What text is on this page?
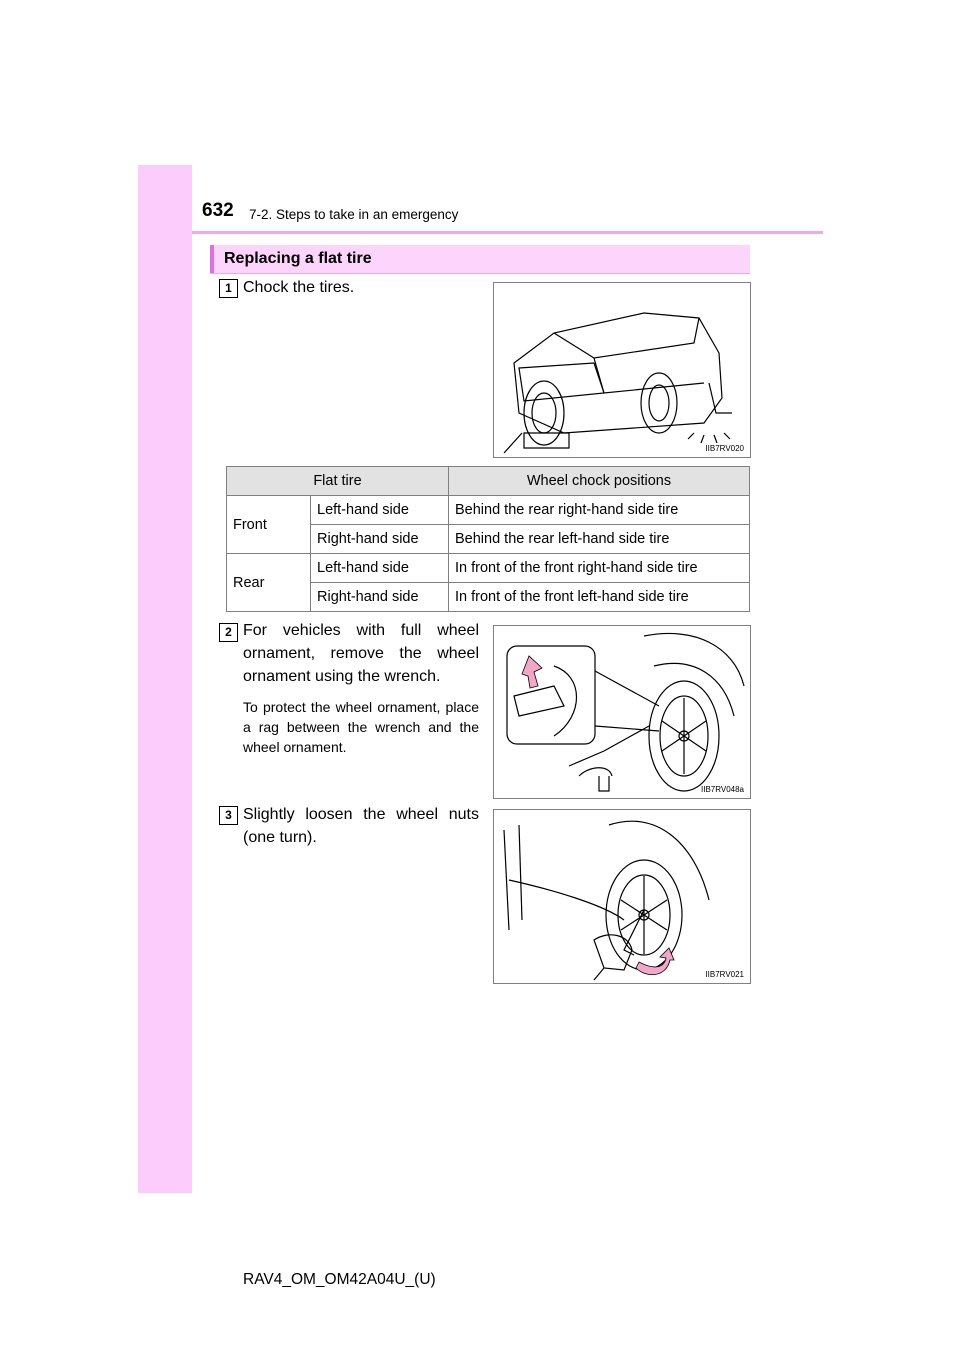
632 7-2. Steps to take in an emergency
Replacing a flat tire
1 Chock the tires.
IIB7RV020
Flat tire		Wheel chock positions
Front	Left-hand side	Behind the rear right-hand side tire
	Right-hand side	Behind the rear left-hand side tire
Rear	Left-hand side	In front of the front right-hand side tire
	Right-hand side	In front of the front left-hand side tire
2 For vehicles with full wheel ornament, remove the wheel ornament using the wrench.
To protect the wheel ornament, place a rag between the wrench and the wheel ornament.
IIB7RV048a
3 Slightly loosen the wheel nuts (one turn).
IIB7RV021
RAV4_OM_OM42A04U_(U)
